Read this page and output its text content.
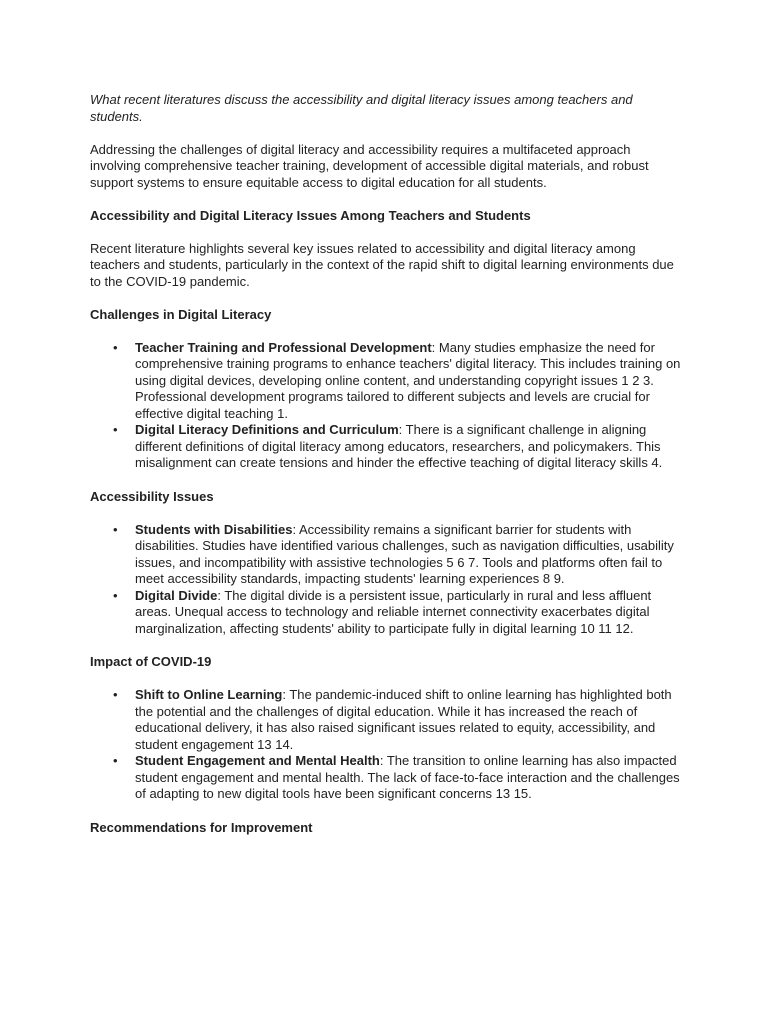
What recent literatures discuss the accessibility and digital literacy issues among teachers and students.

Addressing the challenges of digital literacy and accessibility requires a multifaceted approach involving comprehensive teacher training, development of accessible digital materials, and robust support systems to ensure equitable access to digital education for all students.

Accessibility and Digital Literacy Issues Among Teachers and Students

Recent literature highlights several key issues related to accessibility and digital literacy among teachers and students, particularly in the context of the rapid shift to digital learning environments due to the COVID-19 pandemic.

Challenges in Digital Literacy

• Teacher Training and Professional Development: Many studies emphasize the need for comprehensive training programs to enhance teachers' digital literacy. This includes training on using digital devices, developing online content, and understanding copyright issues 1 2 3. Professional development programs tailored to different subjects and levels are crucial for effective digital teaching 1.
• Digital Literacy Definitions and Curriculum: There is a significant challenge in aligning different definitions of digital literacy among educators, researchers, and policymakers. This misalignment can create tensions and hinder the effective teaching of digital literacy skills 4.

Accessibility Issues

• Students with Disabilities: Accessibility remains a significant barrier for students with disabilities. Studies have identified various challenges, such as navigation difficulties, usability issues, and incompatibility with assistive technologies 5 6 7. Tools and platforms often fail to meet accessibility standards, impacting students' learning experiences 8 9.
• Digital Divide: The digital divide is a persistent issue, particularly in rural and less affluent areas. Unequal access to technology and reliable internet connectivity exacerbates digital marginalization, affecting students' ability to participate fully in digital learning 10 11 12.

Impact of COVID-19

• Shift to Online Learning: The pandemic-induced shift to online learning has highlighted both the potential and the challenges of digital education. While it has increased the reach of educational delivery, it has also raised significant issues related to equity, accessibility, and student engagement 13 14.
• Student Engagement and Mental Health: The transition to online learning has also impacted student engagement and mental health. The lack of face-to-face interaction and the challenges of adapting to new digital tools have been significant concerns 13 15.

Recommendations for Improvement
